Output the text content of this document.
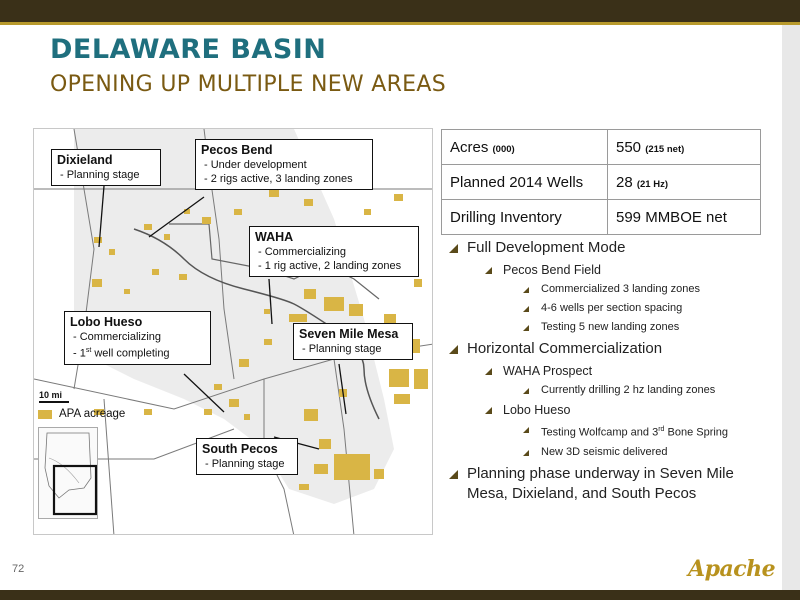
DELAWARE BASIN
OPENING UP MULTIPLE NEW AREAS
Dixieland
- Planning stage
Pecos Bend
- Under development
- 2 rigs active, 3 landing zones
WAHA
- Commercializing
- 1 rig active, 2 landing zones
Lobo Hueso
- Commercializing
- 1st well completing
Seven Mile Mesa
- Planning stage
South Pecos
- Planning stage
10 mi
APA acreage
Acres (000)	550 (215 net)
Planned 2014 Wells	28 (21 Hz)
Drilling Inventory	599 MMBOE net
Full Development Mode
Pecos Bend Field
Commercialized 3 landing zones
4-6 wells per section spacing
Testing 5 new landing zones
Horizontal Commercialization
WAHA Prospect
Currently drilling 2 hz landing zones
Lobo Hueso
Testing Wolfcamp and 3rd Bone Spring
New 3D seismic delivered
Planning phase underway in Seven Mile Mesa, Dixieland, and South Pecos
72	Apache
